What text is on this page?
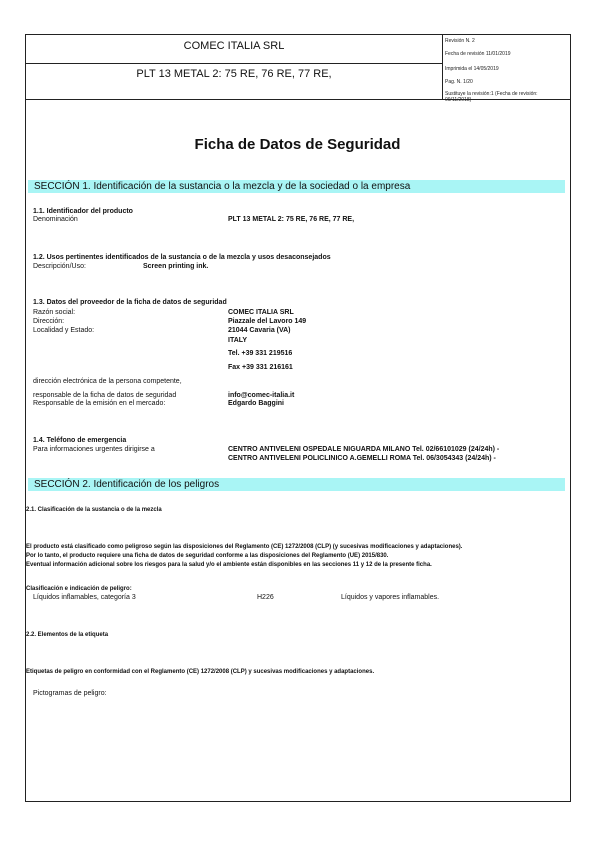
COMEC ITALIA SRL
PLT 13 METAL 2: 75 RE, 76 RE, 77 RE,
Revisión N. 2
Fecha de revisión 11/01/2019
Imprimida el 14/05/2019
Pag. N. 1/20
Sustituye la revisión:1 (Fecha de revisión:
09/11/2018)
Ficha de Datos de Seguridad
SECCIÓN 1. Identificación de la sustancia o la mezcla y de la sociedad o la empresa
1.1. Identificador del producto
Denominación	PLT 13 METAL 2: 75 RE, 76 RE, 77 RE,
1.2. Usos pertinentes identificados de la sustancia o de la mezcla y usos desaconsejados
Descripción/Uso:	Screen printing ink.
1.3. Datos del proveedor de la ficha de datos de seguridad
Razón social:	COMEC ITALIA SRL
Dirección:	Piazzale del Lavoro 149
Localidad y Estado:	21044 Cavaria (VA)
ITALY
Tel. +39 331 219516
Fax +39 331 216161
dirección electrónica de la persona competente,
responsable de la ficha de datos de seguridad	info@comec-italia.it
Responsable de la emisión en el mercado:	Edgardo Baggini
1.4. Teléfono de emergencia
Para informaciones urgentes dirigirse a	CENTRO ANTIVELENI OSPEDALE NIGUARDA MILANO Tel. 02/66101029 (24/24h) -
CENTRO ANTIVELENI POLICLINICO A.GEMELLI ROMA Tel. 06/3054343 (24/24h) -
SECCIÓN 2. Identificación de los peligros
2.1. Clasificación de la sustancia o de la mezcla
El producto está clasificado como peligroso según las disposiciones del Reglamento (CE) 1272/2008 (CLP) (y sucesivas modificaciones y adaptaciones).
Por lo tanto, el producto requiere una ficha de datos de seguridad conforme a las disposiciones del Reglamento (UE) 2015/830.
Eventual información adicional sobre los riesgos para la salud y/o el ambiente están disponibles en las secciones 11 y 12 de la presente ficha.
Clasificación e indicación de peligro:
Líquidos inflamables, categoría 3	H226	Líquidos y vapores inflamables.
2.2. Elementos de la etiqueta
Etiquetas de peligro en conformidad con el Reglamento (CE) 1272/2008 (CLP) y sucesivas modificaciones y adaptaciones.
Pictogramas de peligro:
